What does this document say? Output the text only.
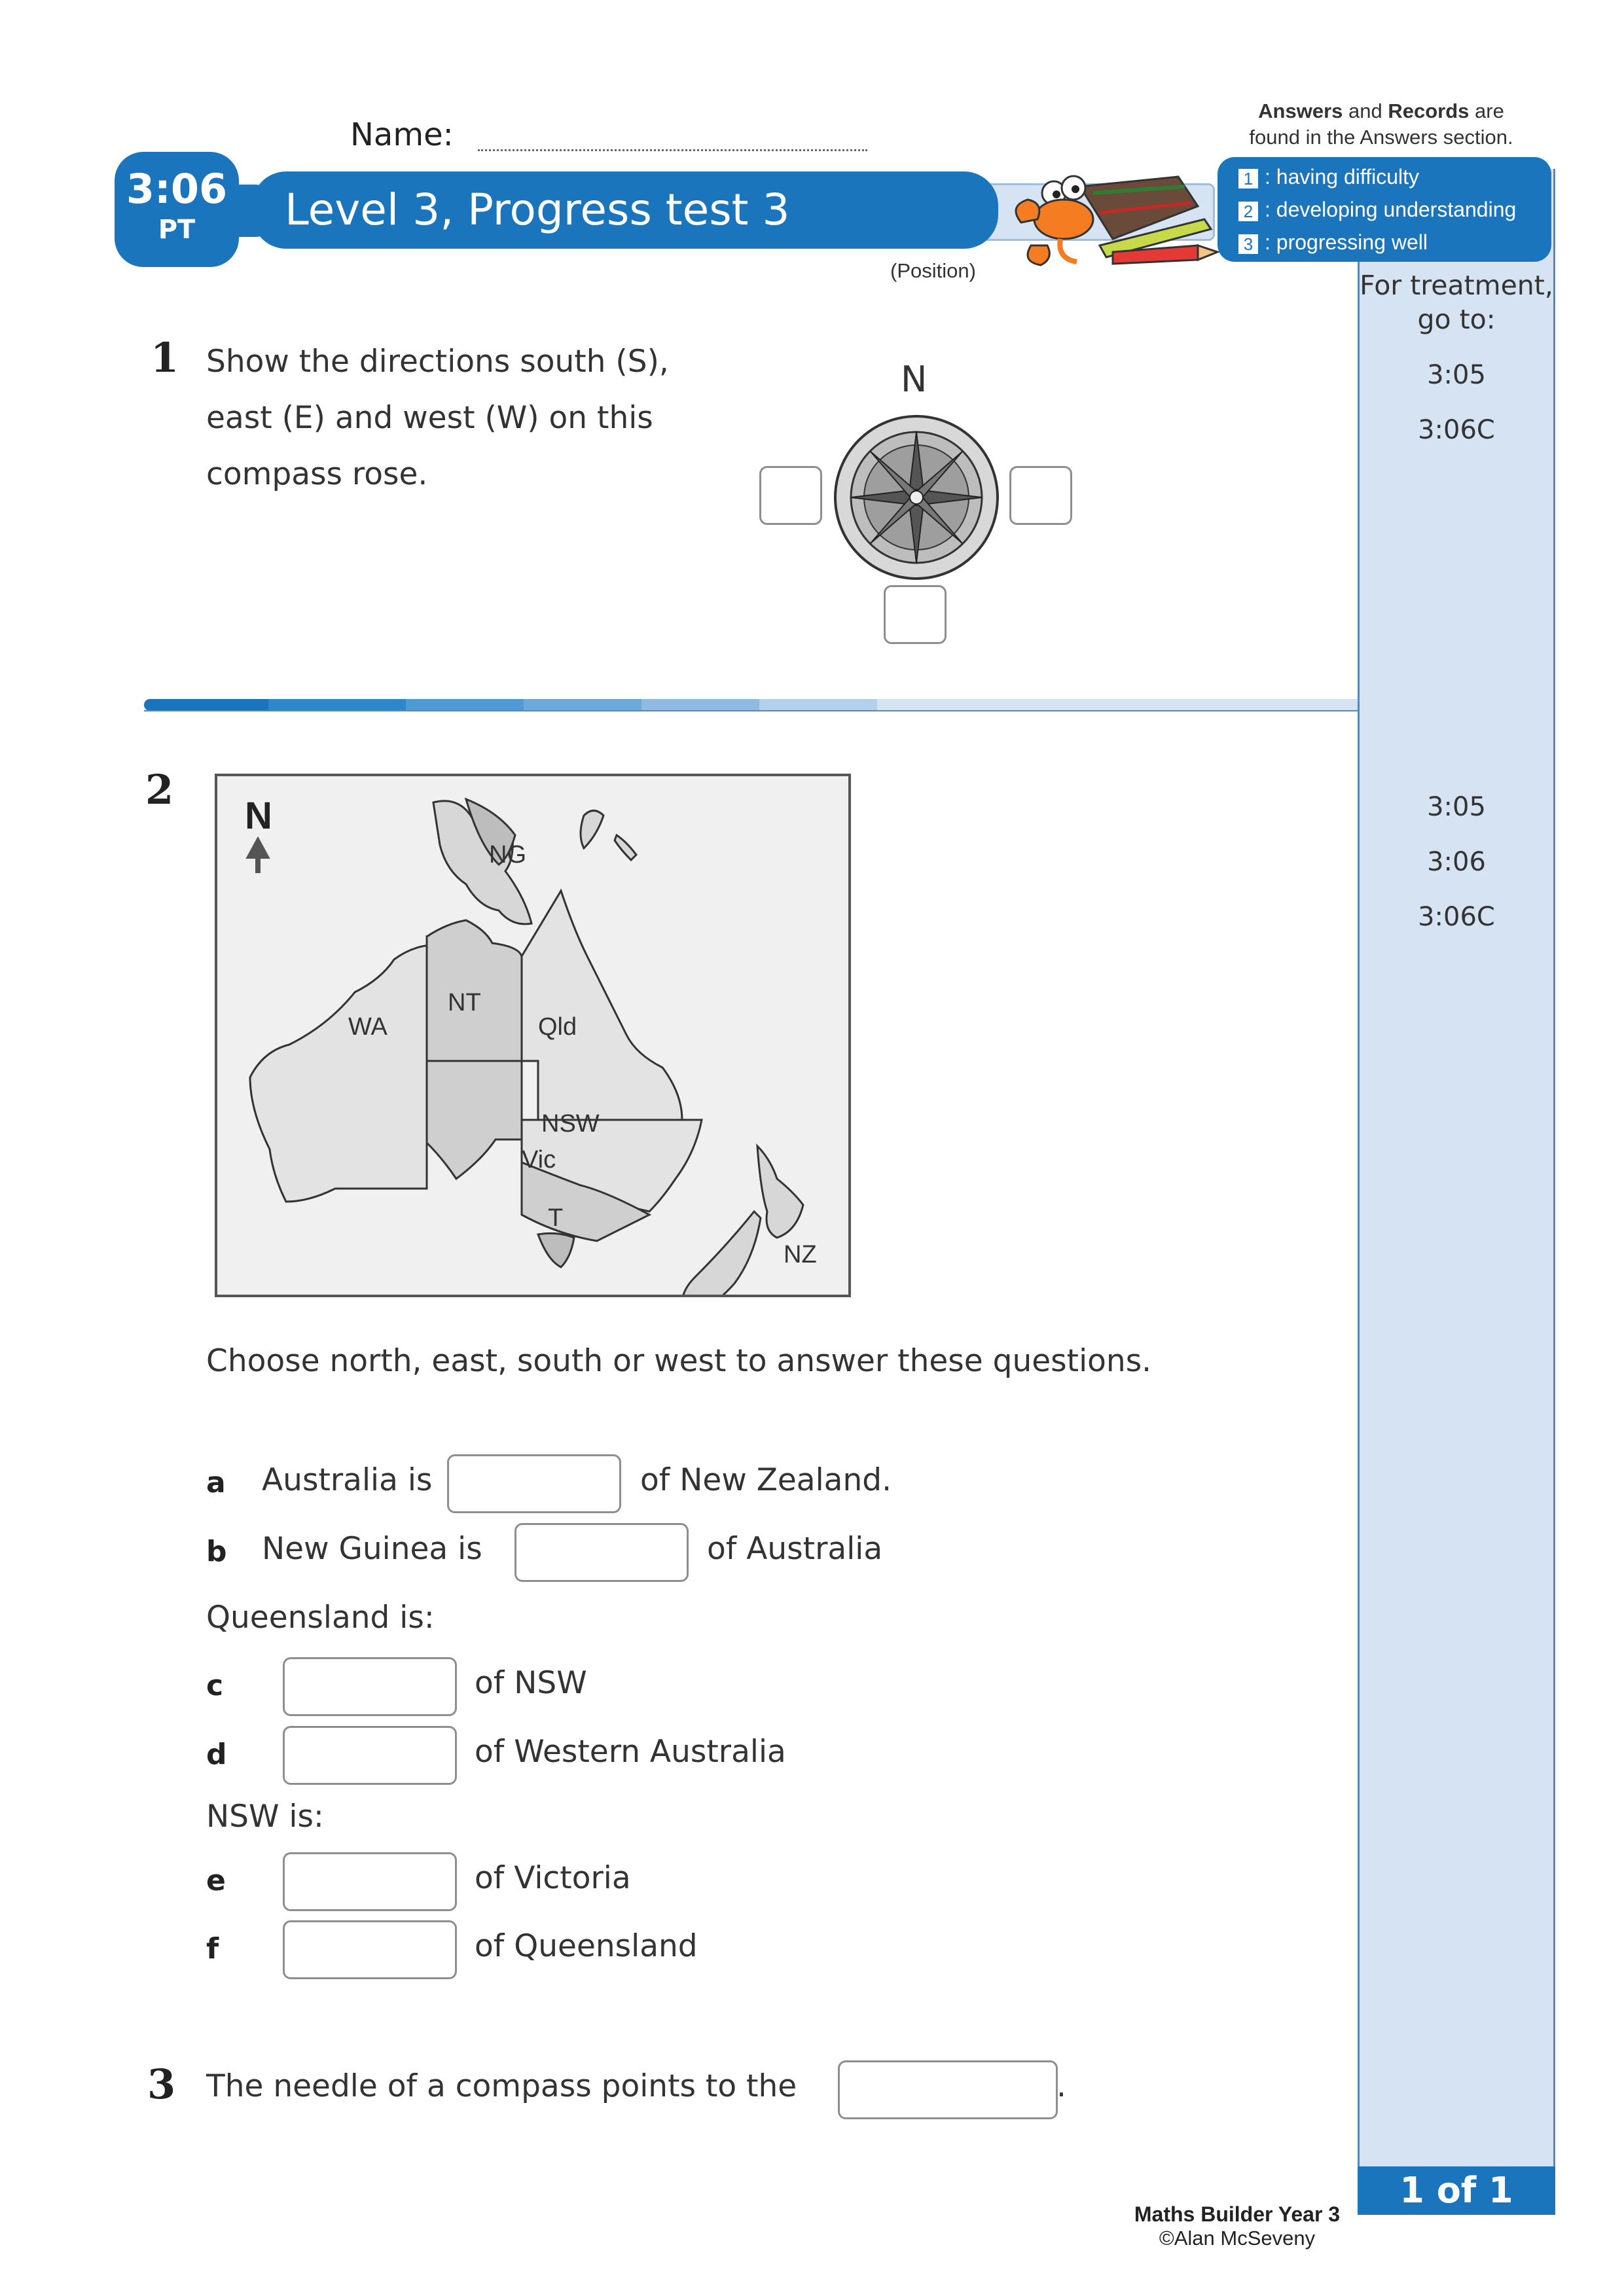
3:05
3:06C
3:05
3:06
3:06C
For treatment,
go to:
Name:
Answers and Records are
found in the Answers section.
Level 3, Progress test 3
3:06
PT
1 : having difficulty
2 : developing understanding
3 : progressing well
(Position)
1 Show the directions south (S),
east (E) and west (W) on this
compass rose.
N
2
N
NG
WA
NT
Qld
NSW
Vic
T
NZ
Choose north, east, south or west to answer these questions.
a Australia is	of New Zealand.
b New Guinea is	of Australia
Queensland is:
c	of NSW
d	of Western Australia
NSW is:
e	of Victoria
f	of Queensland
3 The needle of a compass points to the	.
1 of 1
Maths Builder Year 3
©Alan McSeveny
